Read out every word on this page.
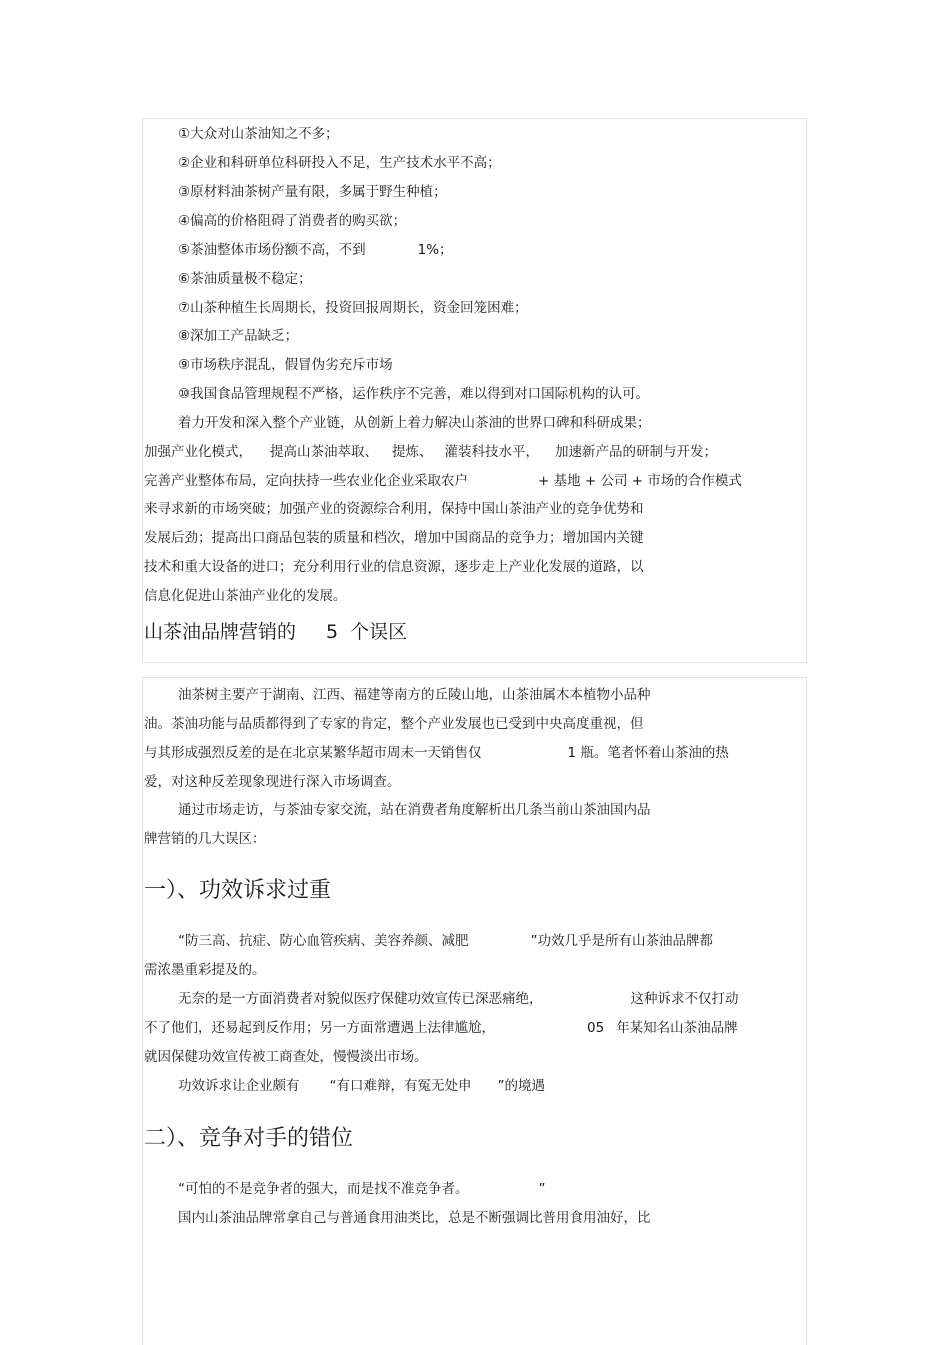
①大众对山茶油知之不多；
②企业和科研单位科研投入不足，生产技术水平不高；
③原材料油茶树产量有限，多属于野生种植；
④偏高的价格阻碍了消费者的购买欲；
⑤茶油整体市场份额不高，不到	1%；
⑥茶油质量极不稳定；
⑦山茶种植生长周期长，投资回报周期长，资金回笼困难；
⑧深加工产品缺乏；
⑨市场秩序混乱，假冒伪劣充斥市场
⑩我国食品管理规程不严格，运作秩序不完善，难以得到对口国际机构的认可。
着力开发和深入整个产业链，从创新上着力解决山茶油的世界口碑和科研成果；
加强产业化模式， 提高山茶油萃取、 提炼、 灌装科技水平， 加速新产品的研制与开发；
完善产业整体布局，定向扶持一些农业化企业采取农户	+ 基地 + 公司 + 市场的合作模式
来寻求新的市场突破；加强产业的资源综合利用，保持中国山茶油产业的竞争优势和
发展后劲；提高出口商品包装的质量和档次，增加中国商品的竞争力；增加国内关键
技术和重大设备的进口；充分利用行业的信息资源，逐步走上产业化发展的道路，以
信息化促进山茶油产业化的发展。
山茶油品牌营销的 5 个误区
油茶树主要产于湖南、江西、福建等南方的丘陵山地，山茶油属木本植物小品种
油。茶油功能与品质都得到了专家的肯定，整个产业发展也已受到中央高度重视，但
与其形成强烈反差的是在北京某繁华超市周末一天销售仅	1 瓶。笔者怀着山茶油的热
爱，对这种反差现象现进行深入市场调查。
通过市场走访，与茶油专家交流，站在消费者角度解析出几条当前山茶油国内品
牌营销的几大误区：
一）、功效诉求过重
“防三高、抗症、防心血管疾病、美容养颜、减肥	”功效几乎是所有山茶油品牌都
需浓墨重彩提及的。
无奈的是一方面消费者对貌似医疗保健功效宣传已深恶痛绝，	这种诉求不仅打动
不了他们，还易起到反作用；另一方面常遭遇上法律尴尬，	05 年某知名山茶油品牌
就因保健功效宣传被工商查处，慢慢淡出市场。
功效诉求让企业颇有 “有口难辩，有冤无处申 ”的境遇
二）、竞争对手的错位
“可怕的不是竞争者的强大，而是找不准竞争者。	”
国内山茶油品牌常拿自己与普通食用油类比，总是不断强调比普用食用油好，比
